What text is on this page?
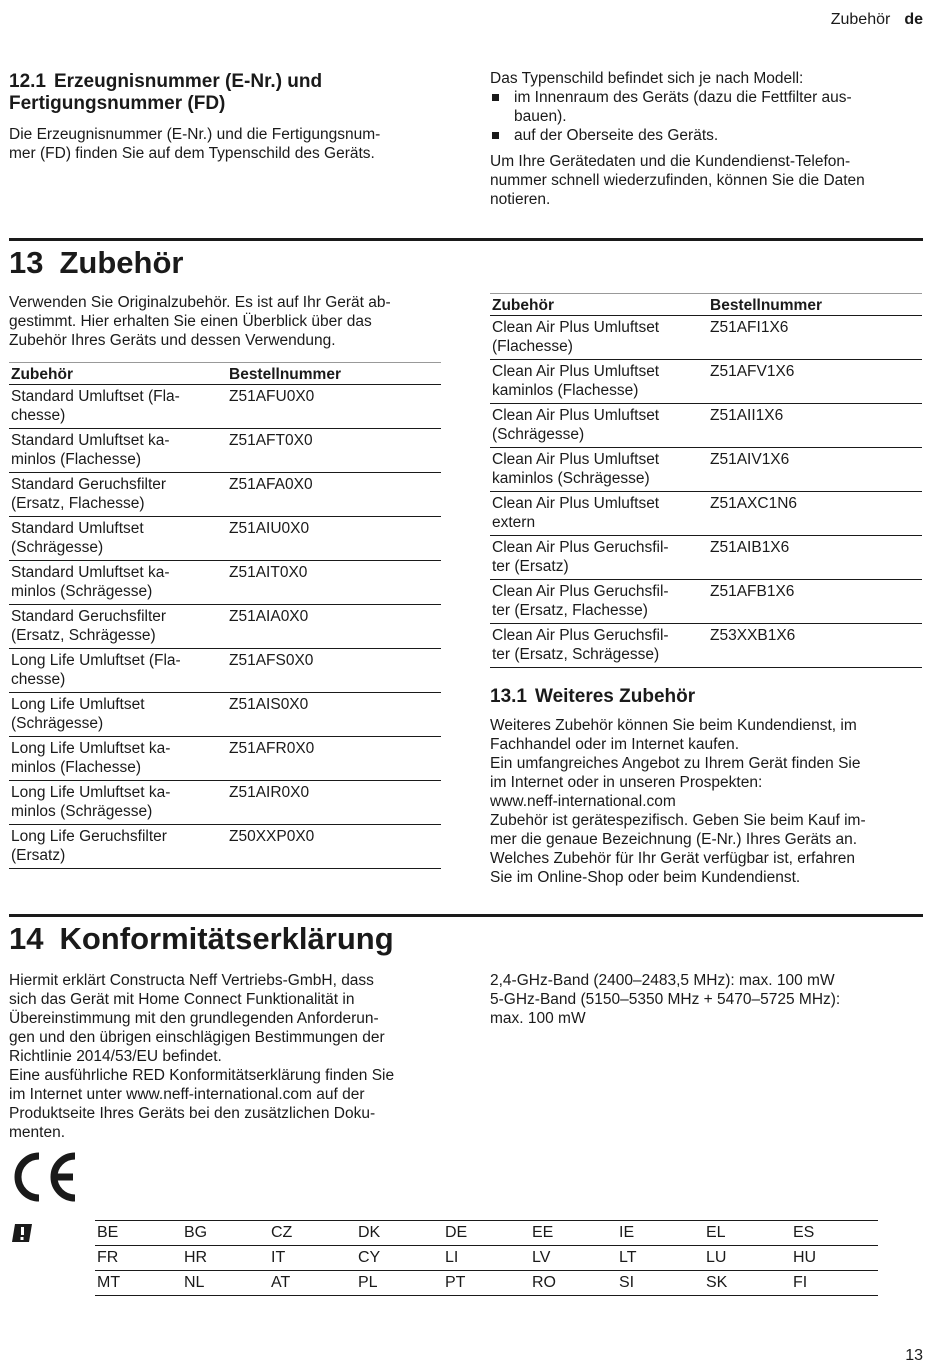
Zubehör de
12.1 Erzeugnisnummer (E-Nr.) und
Fertigungsnummer (FD)

Die Erzeugnisnummer (E-Nr.) und die Fertigungsnum-
mer (FD) finden Sie auf dem Typenschild des Geräts.

Das Typenschild befindet sich je nach Modell:

im Innenraum des Geräts (dazu die Fettfilter aus-
bauen).
auf der Oberseite des Geräts.

Um Ihre Gerätedaten und die Kundendienst-Telefon-
nummer schnell wiederzufinden, können Sie die Daten
notieren.

13 Zubehör

Verwenden Sie Originalzubehör. Es ist auf Ihr Gerät ab-
gestimmt. Hier erhalten Sie einen Überblick über das
Zubehör Ihres Geräts und dessen Verwendung.

Zubehör	Bestellnummer
Standard Umluftset (Fla-
chesse)	Z51AFU0X0
Standard Umluftset ka-
minlos (Flachesse)	Z51AFT0X0
Standard Geruchsfilter
(Ersatz, Flachesse)	Z51AFA0X0
Standard Umluftset
(Schrägesse)	Z51AIU0X0
Standard Umluftset ka-
minlos (Schrägesse)	Z51AIT0X0
Standard Geruchsfilter
(Ersatz, Schrägesse)	Z51AIA0X0
Long Life Umluftset (Fla-
chesse)	Z51AFS0X0
Long Life Umluftset
(Schrägesse)	Z51AIS0X0
Long Life Umluftset ka-
minlos (Flachesse)	Z51AFR0X0
Long Life Umluftset ka-
minlos (Schrägesse)	Z51AIR0X0
Long Life Geruchsfilter
(Ersatz)	Z50XXP0X0
Zubehör	Bestellnummer
Clean Air Plus Umluftset
(Flachesse)	Z51AFI1X6
Clean Air Plus Umluftset
kaminlos (Flachesse)	Z51AFV1X6
Clean Air Plus Umluftset
(Schrägesse)	Z51AII1X6
Clean Air Plus Umluftset
kaminlos (Schrägesse)	Z51AIV1X6
Clean Air Plus Umluftset
extern	Z51AXC1N6
Clean Air Plus Geruchsfil-
ter (Ersatz)	Z51AIB1X6
Clean Air Plus Geruchsfil-
ter (Ersatz, Flachesse)	Z51AFB1X6
Clean Air Plus Geruchsfil-
ter (Ersatz, Schrägesse)	Z53XXB1X6
13.1 Weiteres Zubehör

Weiteres Zubehör können Sie beim Kundendienst, im
Fachhandel oder im Internet kaufen.
Ein umfangreiches Angebot zu Ihrem Gerät finden Sie
im Internet oder in unseren Prospekten:
www.neff-international.com
Zubehör ist gerätespezifisch. Geben Sie beim Kauf im-
mer die genaue Bezeichnung (E-Nr.) Ihres Geräts an.
Welches Zubehör für Ihr Gerät verfügbar ist, erfahren
Sie im Online-Shop oder beim Kundendienst.

14 Konformitätserklärung

Hiermit erklärt Constructa Neff Vertriebs-GmbH, dass
sich das Gerät mit Home Connect Funktionalität in
Übereinstimmung mit den grundlegenden Anforderun-
gen und den übrigen einschlägigen Bestimmungen der
Richtlinie 2014/53/EU befindet.
Eine ausführliche RED Konformitätserklärung finden Sie
im Internet unter www.neff-international.com auf der
Produktseite Ihres Geräts bei den zusätzlichen Doku-
menten.

2,4-GHz-Band (2400–2483,5 MHz): max. 100 mW
5-GHz-Band (5150–5350 MHz + 5470–5725 MHz):
max. 100 mW

BE	BG	CZ	DK	DE	EE	IE	EL	ES
FR	HR	IT	CY	LI	LV	LT	LU	HU
MT	NL	AT	PL	PT	RO	SI	SK	FI
13
